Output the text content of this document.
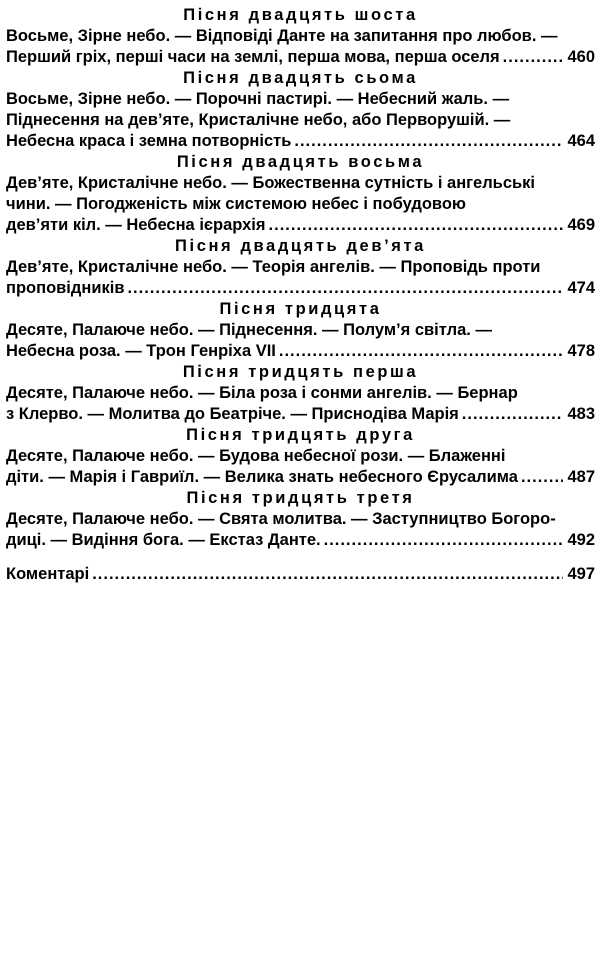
Пісня двадцять шоста
Восьме, Зірне небо. — Відповіді Данте на запитання про любов. —
Перший гріх, перші часи на землі, перша мова, перша оселя .....	460
Пісня двадцять сьома
Восьме, Зірне небо. — Порочні пастирі. — Небесний жаль. —
Піднесення на дев’яте, Кристалічне небо, або Перворушій. —
Небесна краса і земна потворність .....	464
Пісня двадцять восьма
Дев’яте, Кристалічне небо. — Божественна сутність і ангельські
чини. — Погодженість між системою небес і побудовою
дев’яти кіл. — Небесна ієрархія .....	469
Пісня двадцять дев’ята
Дев’яте, Кристалічне небо. — Теорія ангелів. — Проповідь проти
проповідників .....	474
Пісня тридцята
Десяте, Палаюче небо. — Піднесення. — Полум’я світла. —
Небесна роза. — Трон Генріха VII .....	478
Пісня тридцять перша
Десяте, Палаюче небо. — Біла роза і сонми ангелів. — Бернар
з Клерво. — Молитва до Беатріче. — Приснодіва Марія .....	483
Пісня тридцять друга
Десяте, Палаюче небо. — Будова небесної рози. — Блаженні
діти. — Марія і Гавриїл. — Велика знать небесного Єрусалима .....	487
Пісня тридцять третя
Десяте, Палаюче небо. — Свята молитва. — Заступництво Богоро-
диці. — Видіння бога. — Екстаз Данте. .....	492
Коментарі .....	497
